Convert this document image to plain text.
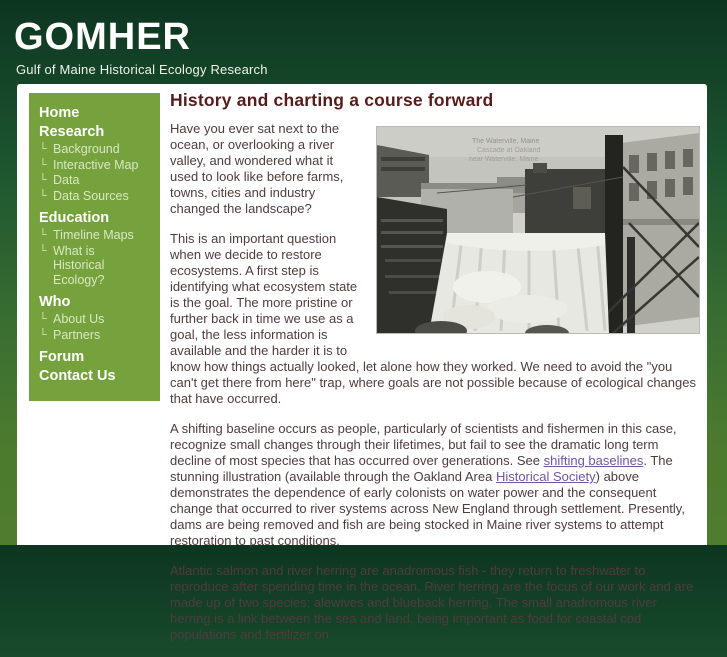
GOMHER
Gulf of Maine Historical Ecology Research
Home
Research
└ Background
└ Interactive Map
└ Data
└ Data Sources
Education
└ Timeline Maps
└ What is Historical Ecology?
Who
└ About Us
└ Partners
Forum
Contact Us
History and charting a course forward
The Waterville, Maine
Cascade at Oakland
near Waterville, Maine

Have you ever sat next to the ocean, or overlooking a river valley, and wondered what it used to look like before farms, towns, cities and industry changed the landscape?

This is an important question when we decide to restore ecosystems. A first step is identifying what ecosystem state is the goal. The more pristine or further back in time we use as a goal, the less information is available and the harder it is to know how things actually looked, let alone how they worked. We need to avoid the "you can't get there from here" trap, where goals are not possible because of ecological changes that have occurred.

A shifting baseline occurs as people, particularly of scientists and fishermen in this case, recognize small changes through their lifetimes, but fail to see the dramatic long term decline of most species that has occurred over generations. See shifting baselines. The stunning illustration (available through the Oakland Area Historical Society) above demonstrates the dependence of early colonists on water power and the consequent change that occurred to river systems across New England through settlement. Presently, dams are being removed and fish are being stocked in Maine river systems to attempt restoration to past conditions.

Atlantic salmon and river herring are anadromous fish - they return to freshwater to reproduce after spending time in the ocean. River herring are the focus of our work and are made up of two species: alewives and blueback herring. The small anadromous river herring is a link between the sea and land, being important as food for coastal cod populations and fertilizer on
